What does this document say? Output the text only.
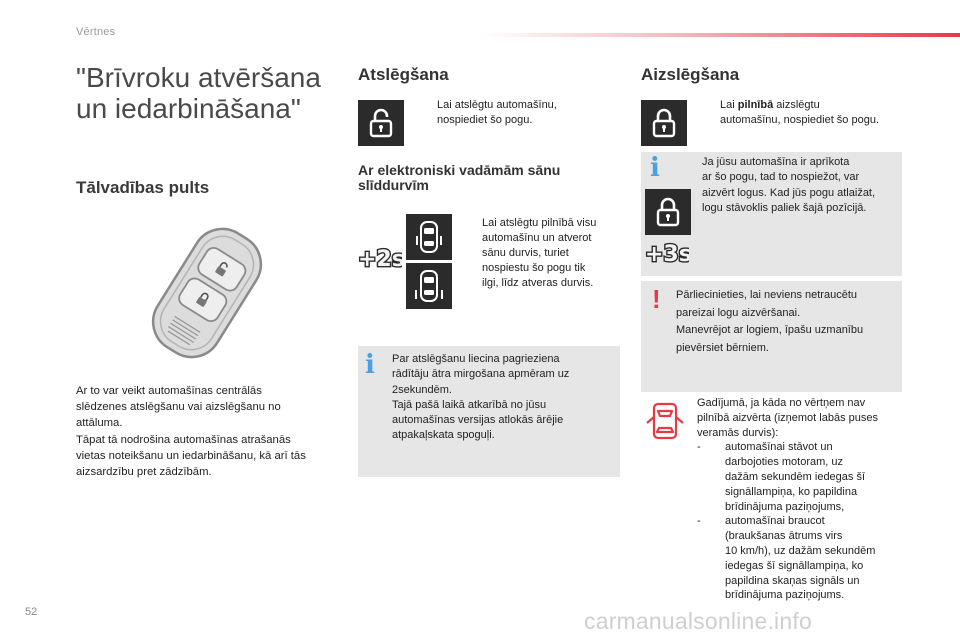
Vērtnes
"Brīvroku atvēršana un iedarbināšana"
Tālvadības pults
Ar to var veikt automašīnas centrālās
slēdzenes atslēgšanu vai aizslēgšanu no
attāluma.
Tāpat tā nodrošina automašīnas atrašanās
vietas noteikšanu un iedarbināšanu, kā arī tās
aizsardzību pret zādzībām.
Atslēgšana
Lai atslēgtu automašīnu,
nospiediet šo pogu.
Ar elektroniski vadāmām sānu
slīddurvīm
+2s
Lai atslēgtu pilnībā visu
automašīnu un atverot
sānu durvis, turiet
nospiestu šo pogu tik
ilgi, līdz atveras durvis.
i Par atslēgšanu liecina pagrieziena
rādītāju ātra mirgošana apmēram uz
2sekundēm.
Tajā pašā laikā atkarībā no jūsu
automašīnas versijas atlokās ārējie
atpakaļskata spoguļi.
Aizslēgšana
Lai pilnībā aizslēgtu
automašīnu, nospiediet šo pogu.
i
+3s
Ja jūsu automašīna ir aprīkota
ar šo pogu, tad to nospiežot, var
aizvērt logus. Kad jūs pogu atlaižat,
logu stāvoklis paliek šajā pozīcijā.
! Pārliecinieties, lai neviens netraucētu
pareizai logu aizvēršanai.
Manevrējot ar logiem, īpašu uzmanību
pievērsiet bērniem.
Gadījumā, ja kāda no vērtņem nav
pilnībā aizvērta (izņemot labās puses
veramās durvis):
- automašīnai stāvot un
darbojoties motoram, uz
dažām sekundēm iedegas šī
signāllampiņa, ko papildina
brīdinājuma paziņojums,
- automašīnai braucot
(braukšanas ātrums virs
10 km/h), uz dažām sekundēm
iedegas šī signāllampiņa, ko
papildina skaņas signāls un
brīdinājuma paziņojums.
52	carmanualsonline.info
